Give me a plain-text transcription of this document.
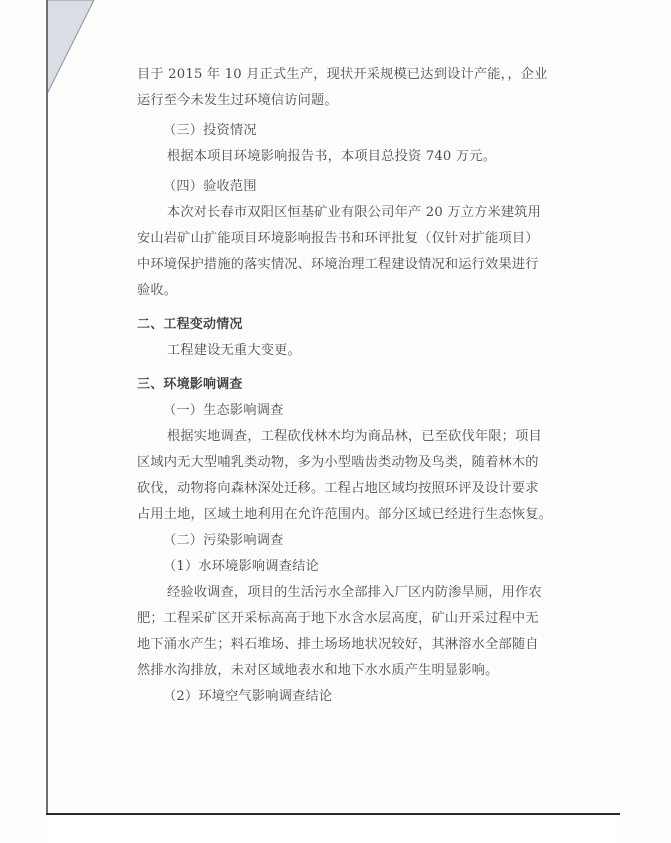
目于 2015 年 10 月正式生产，现状开采规模已达到设计产能，，企业
运行至今未发生过环境信访问题。
（三）投资情况
根据本项目环境影响报告书，本项目总投资 740 万元。
（四）验收范围
本次对长春市双阳区恒基矿业有限公司年产 20 万立方米建筑用
安山岩矿山扩能项目环境影响报告书和环评批复（仅针对扩能项目）
中环境保护措施的落实情况、环境治理工程建设情况和运行效果进行
验收。
二、工程变动情况
工程建设无重大变更。
三、环境影响调查
（一）生态影响调查
根据实地调查，工程砍伐林木均为商品林，已至砍伐年限；项目
区域内无大型哺乳类动物，多为小型啮齿类动物及鸟类，随着林木的
砍伐，动物将向森林深处迁移。工程占地区域均按照环评及设计要求
占用土地，区域土地利用在允许范围内。部分区域已经进行生态恢复。
（二）污染影响调查
（1）水环境影响调查结论
经验收调查，项目的生活污水全部排入厂区内防渗旱厕，用作农
肥；工程采矿区开采标高高于地下水含水层高度，矿山开采过程中无
地下涌水产生；料石堆场、排土场场地状况较好，其淋溶水全部随自
然排水沟排放，未对区域地表水和地下水水质产生明显影响。
（2）环境空气影响调查结论
